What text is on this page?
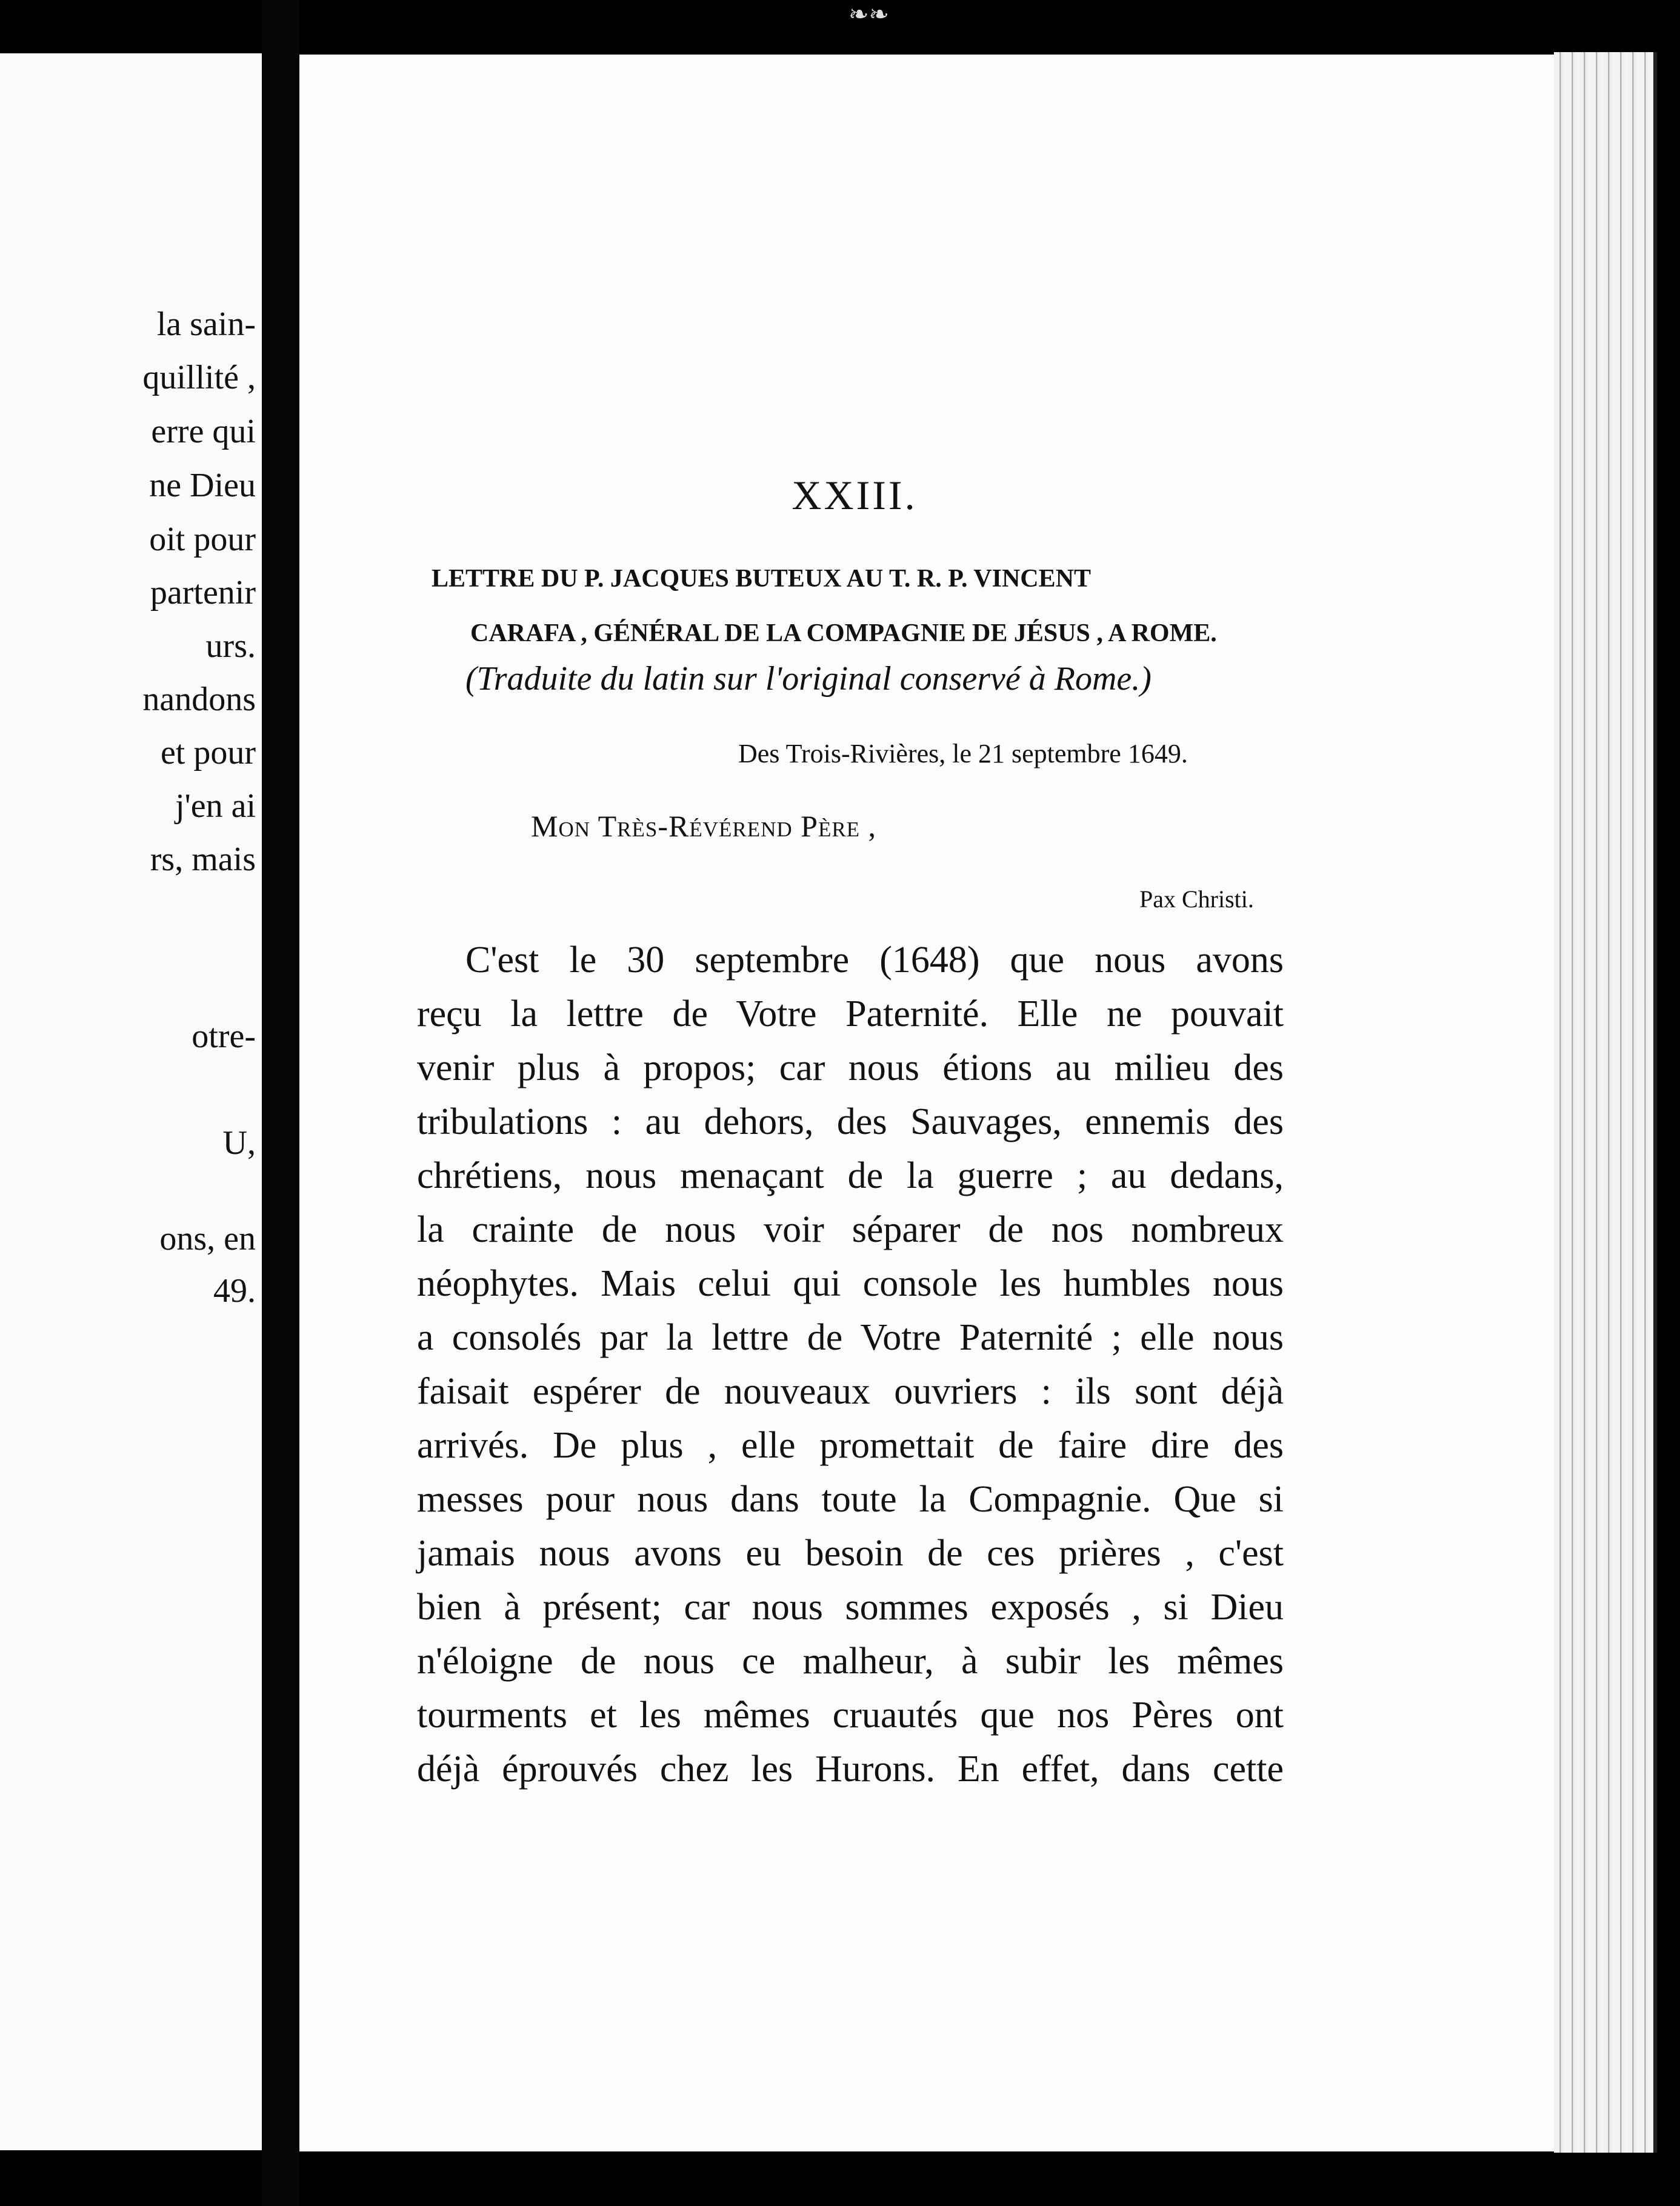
❧❧
la sain-
quillité ,
erre qui
ne Dieu
oit pour
partenir
urs.
nandons
et pour
j'en ai
rs, mais
otre-
U,
ons, en
49.
XXIII.
LETTRE DU P. JACQUES BUTEUX AU T. R. P. VINCENT
CARAFA , GÉNÉRAL DE LA COMPAGNIE DE JÉSUS , A ROME.
(Traduite du latin sur l'original conservé à Rome.)
Des Trois-Rivières, le 21 septembre 1649.
Mon Très-Révérend Père ,
Pax Christi.
C'est le 30 septembre (1648) que nous avons
reçu la lettre de Votre Paternité. Elle ne pouvait
venir plus à propos; car nous étions au milieu des
tribulations : au dehors, des Sauvages, ennemis des
chrétiens, nous menaçant de la guerre ; au dedans,
la crainte de nous voir séparer de nos nombreux
néophytes. Mais celui qui console les humbles nous
a consolés par la lettre de Votre Paternité ; elle nous
faisait espérer de nouveaux ouvriers : ils sont déjà
arrivés. De plus , elle promettait de faire dire des
messes pour nous dans toute la Compagnie. Que si
jamais nous avons eu besoin de ces prières , c'est
bien à présent; car nous sommes exposés , si Dieu
n'éloigne de nous ce malheur, à subir les mêmes
tourments et les mêmes cruautés que nos Pères ont
déjà éprouvés chez les Hurons. En effet, dans cette
